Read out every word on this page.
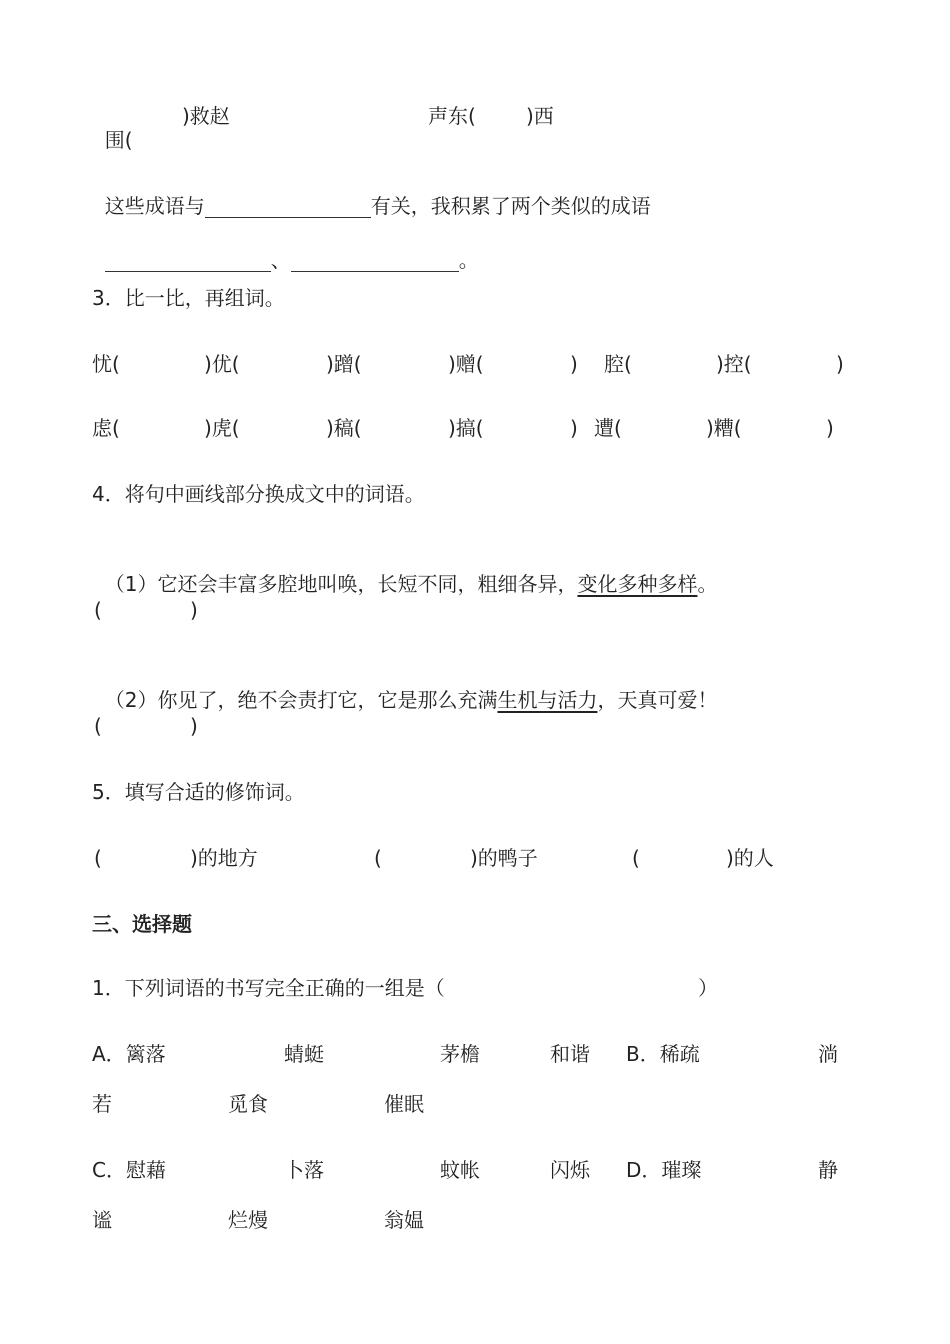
围(

)救赵	声东(	)西

这些成语与	有关，我积累了两个类似的成语

、	。

3．比一比，再组词。
忧(	)优(	)蹭(	)赠(	) 腔(	)控(	)
虑(	)虎(	)稿(	)搞(	) 遭(	)糟(	)
4．将句中画线部分换成文中的词语。

（1）它还会丰富多腔地叫唤，长短不同，粗细各异，变化多种多样。

(	)

（2）你见了，绝不会责打它，它是那么充满生机与活力，天真可爱！

(	)
5．填写合适的修饰词。
(	)的地方	(	)的鸭子	(	)的人
三、选择题
1．下列词语的书写完全正确的一组是（	）
A．篱落	蜻蜓	茅檐	和谐 B．稀疏	淌
若	觅食	催眠
C．慰藉	卜落	蚊帐	闪烁 D．璀璨	静
谧	烂熳	翁媪
